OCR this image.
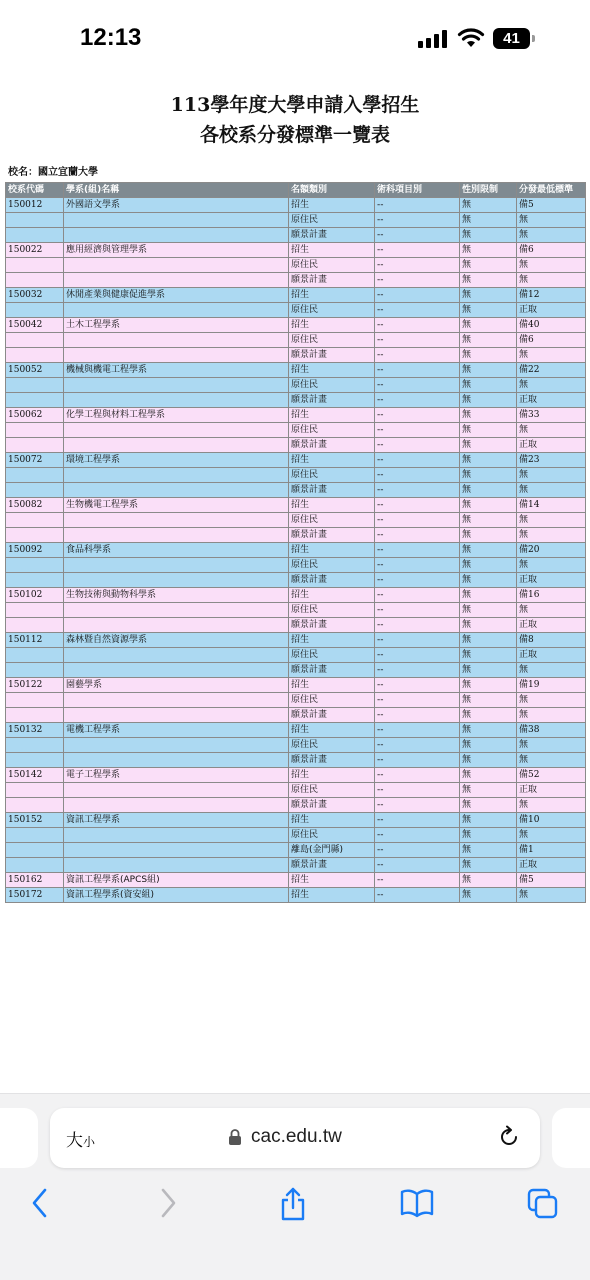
12:13	41
113學年度大學申請入學招生
各校系分發標準一覽表
校名：國立宜蘭大學
校系代碼	學系(組)名稱	名額類別	術科項目別	性別限制	分發最低標準
150012	外國語文學系	招生	--	無	備5
		原住民	--	無	無
		願景計畫	--	無	無
150022	應用經濟與管理學系	招生	--	無	備6
		原住民	--	無	無
		願景計畫	--	無	無
150032	休閒產業與健康促進學系	招生	--	無	備12
		原住民	--	無	正取
150042	土木工程學系	招生	--	無	備40
		原住民	--	無	備6
		願景計畫	--	無	無
150052	機械與機電工程學系	招生	--	無	備22
		原住民	--	無	無
		願景計畫	--	無	正取
150062	化學工程與材料工程學系	招生	--	無	備33
		原住民	--	無	無
		願景計畫	--	無	正取
150072	環境工程學系	招生	--	無	備23
		原住民	--	無	無
		願景計畫	--	無	無
150082	生物機電工程學系	招生	--	無	備14
		原住民	--	無	無
		願景計畫	--	無	無
150092	食品科學系	招生	--	無	備20
		原住民	--	無	無
		願景計畫	--	無	正取
150102	生物技術與動物科學系	招生	--	無	備16
		原住民	--	無	無
		願景計畫	--	無	正取
150112	森林暨自然資源學系	招生	--	無	備8
		原住民	--	無	正取
		願景計畫	--	無	無
150122	園藝學系	招生	--	無	備19
		原住民	--	無	無
		願景計畫	--	無	無
150132	電機工程學系	招生	--	無	備38
		原住民	--	無	無
		願景計畫	--	無	無
150142	電子工程學系	招生	--	無	備52
		原住民	--	無	正取
		願景計畫	--	無	無
150152	資訊工程學系	招生	--	無	備10
		原住民	--	無	無
		離島(金門縣)	--	無	備1
		願景計畫	--	無	正取
150162	資訊工程學系(APCS組)	招生	--	無	備5
150172	資訊工程學系(資安組)	招生	--	無	無
大小	cac.edu.tw
